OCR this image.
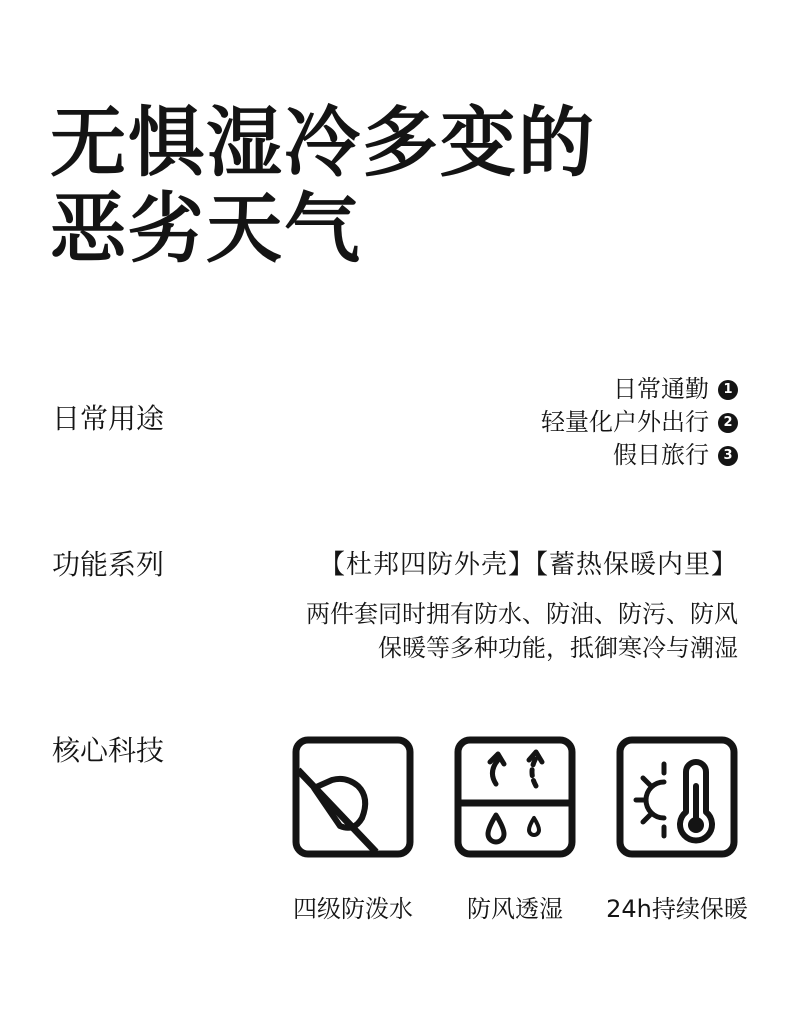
无惧湿冷多变的
恶劣天气
日常用途
日常通勤	1
轻量化户外出行	2
假日旅行	3
功能系列	【杜邦四防外壳】【蓄热保暖内里】
两件套同时拥有防水、防油、防污、防风
保暖等多种功能，抵御寒冷与潮湿
核心科技
四级防泼水	防风透湿	24h持续保暖
